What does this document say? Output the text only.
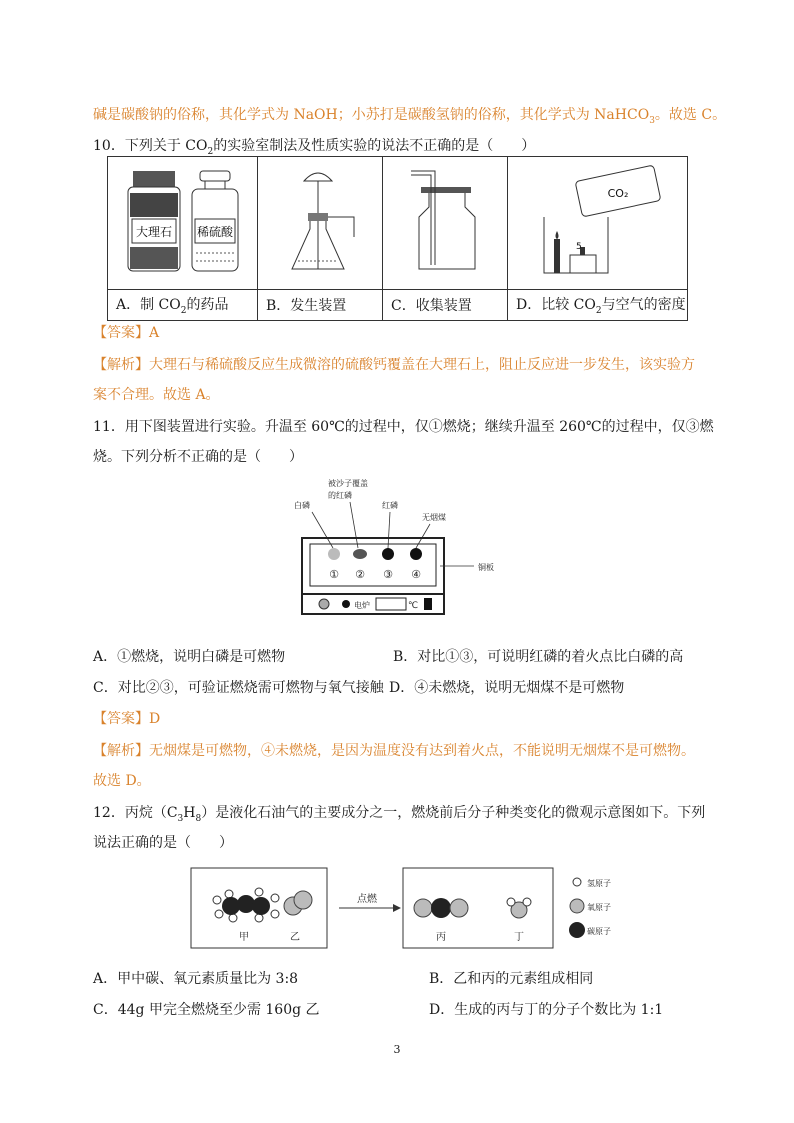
碱是碳酸钠的俗称，其化学式为 NaOH；小苏打是碳酸氢钠的俗称，其化学式为 NaHCO$_3$。故选 C。
10．下列关于 $CO_2$的实验室制法及性质实验的说法不正确的是（　　）
大理石 稀硫酸			CO₂
5

A．制 $CO_2$的药品	B．发生装置	C．收集装置	D．比较 $CO_2$与空气的密度
【答案】A
【解析】大理石与稀硫酸反应生成微溶的硫酸钙覆盖在大理石上，阻止反应进一步发生，该实验方
案不合理。故选 A。
11．用下图装置进行实验。升温至 60℃的过程中，仅①燃烧；继续升温至 260℃的过程中，仅③燃
烧。下列分析不正确的是（　　）
被沙子覆盖
的红磷
白磷	红磷
无烟煤
① ② ③ ④
铜板
电炉	℃
A．①燃烧，说明白磷是可燃物	B．对比①③，可说明红磷的着火点比白磷的高
C．对比②③，可验证燃烧需可燃物与氧气接触 D．④未燃烧，说明无烟煤不是可燃物
【答案】D
【解析】无烟煤是可燃物，④未燃烧，是因为温度没有达到着火点，不能说明无烟煤不是可燃物。
故选 D。
12．丙烷$(C_3H_8)$是液化石油气的主要成分之一，燃烧前后分子种类变化的微观示意图如下。下列
说法正确的是（　　）
甲	乙
点燃
丙	丁
氢原子
氧原子
碳原子
A．甲中碳、氧元素质量比为 3:8	B．乙和丙的元素组成相同
C．44g 甲完全燃烧至少需 160g 乙	D．生成的丙与丁的分子个数比为 1:1
3
